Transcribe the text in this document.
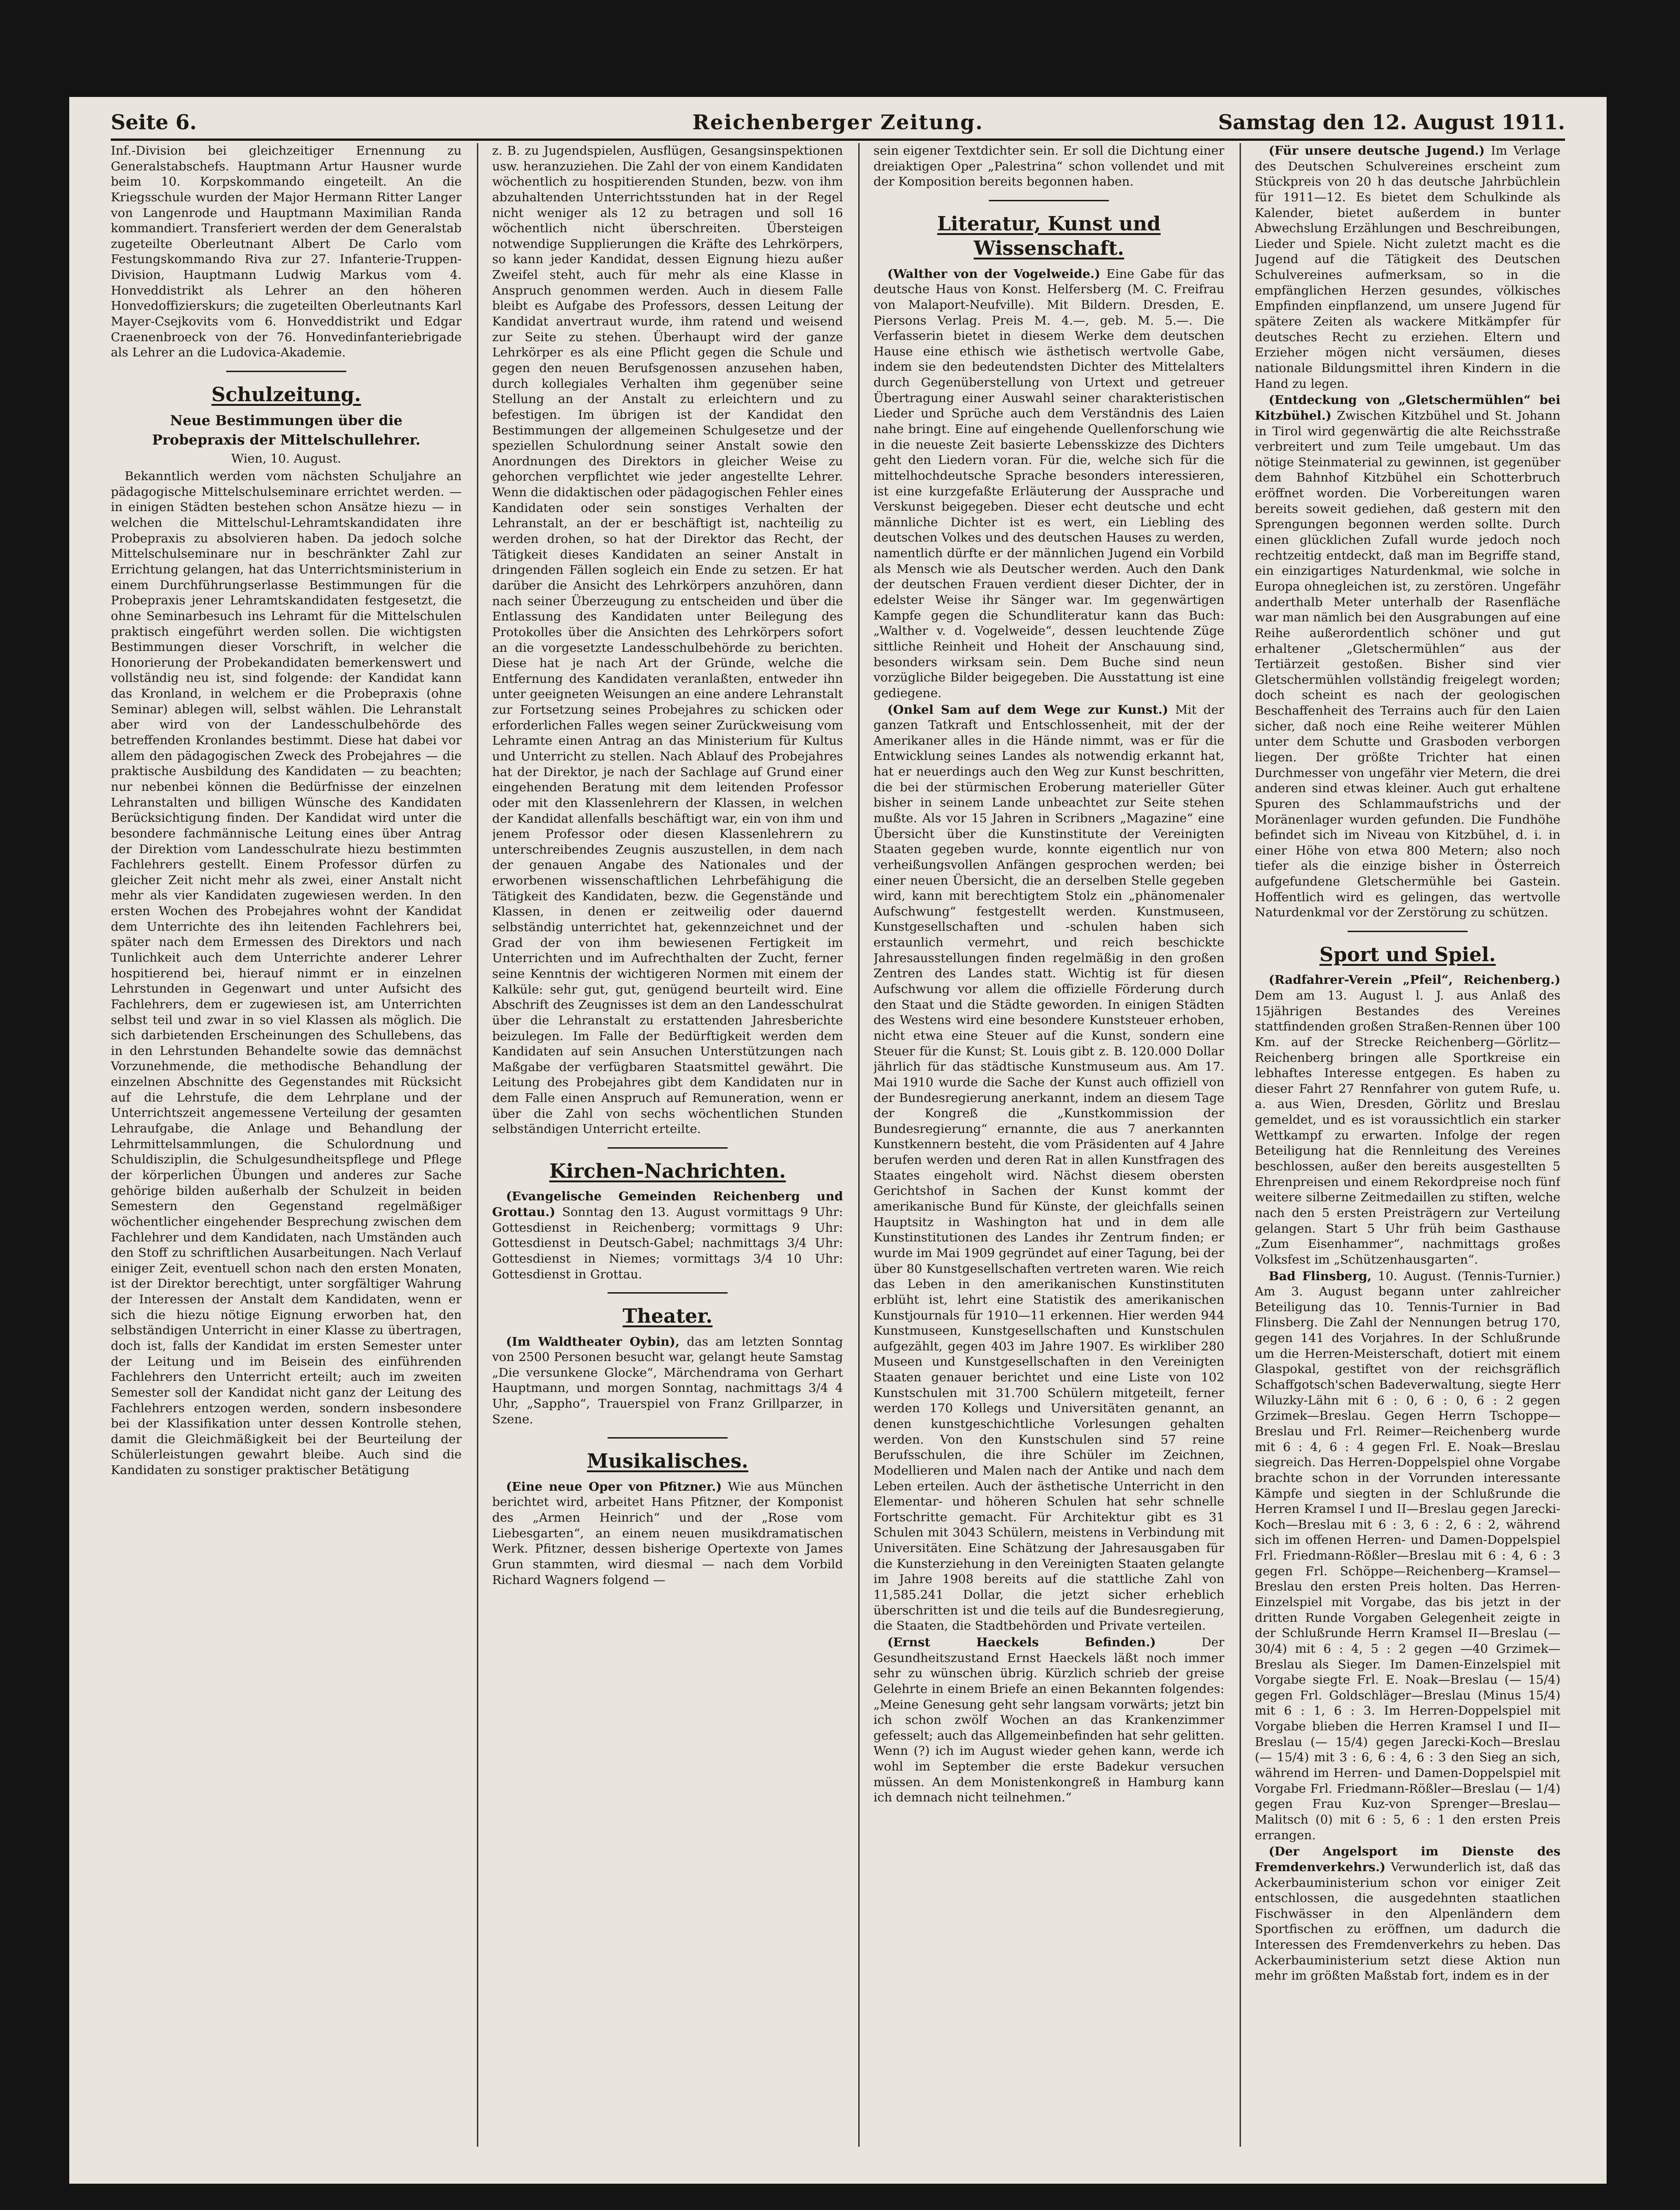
Seite 6.	Reichenberger Zeitung.	Samstag den 12. August 1911.

Inf.-Division bei gleichzeitiger Ernennung zu Generalstabschefs. Hauptmann Artur Hausner wurde beim 10. Korpskommando eingeteilt. An die Kriegsschule wurden der Major Hermann Ritter Langer von Langenrode und Hauptmann Maximilian Randa kommandiert. Transferiert werden der dem Generalstab zugeteilte Oberleutnant Albert De Carlo vom Festungskommando Riva zur 27. Infanterie-Truppen-Division, Hauptmann Ludwig Markus vom 4. Honveddistrikt als Lehrer an den höheren Honvedoffizierskurs; die zugeteilten Oberleutnants Karl Mayer-Csejkovits vom 6. Honveddistrikt und Edgar Craenenbroeck von der 76. Honvedinfanteriebrigade als Lehrer an die Ludovica-Akademie.

Schulzeitung.
Neue Bestimmungen über die
Probepraxis der Mittelschullehrer.
Wien, 10. August.

Bekanntlich werden vom nächsten Schuljahre an pädagogische Mittelschulseminare errichtet werden. — in einigen Städten bestehen schon Ansätze hiezu — in welchen die Mittelschul-Lehramtskandidaten ihre Probepraxis zu absolvieren haben. Da jedoch solche Mittelschulseminare nur in beschränkter Zahl zur Errichtung gelangen, hat das Unterrichtsministerium in einem Durchführungserlasse Bestimmungen für die Probepraxis jener Lehramtskandidaten festgesetzt, die ohne Seminarbesuch ins Lehramt für die Mittelschulen praktisch eingeführt werden sollen. Die wichtigsten Bestimmungen dieser Vorschrift, in welcher die Honorierung der Probekandidaten bemerkenswert und vollständig neu ist, sind folgende: der Kandidat kann das Kronland, in welchem er die Probepraxis (ohne Seminar) ablegen will, selbst wählen. Die Lehranstalt aber wird von der Landesschulbehörde des betreffenden Kronlandes bestimmt. Diese hat dabei vor allem den pädagogischen Zweck des Probejahres — die praktische Ausbildung des Kandidaten — zu beachten; nur nebenbei können die Bedürfnisse der einzelnen Lehranstalten und billigen Wünsche des Kandidaten Berücksichtigung finden. Der Kandidat wird unter die besondere fachmännische Leitung eines über Antrag der Direktion vom Landesschulrate hiezu bestimmten Fachlehrers gestellt. Einem Professor dürfen zu gleicher Zeit nicht mehr als zwei, einer Anstalt nicht mehr als vier Kandidaten zugewiesen werden. In den ersten Wochen des Probejahres wohnt der Kandidat dem Unterrichte des ihn leitenden Fachlehrers bei, später nach dem Ermessen des Direktors und nach Tunlichkeit auch dem Unterrichte anderer Lehrer hospitierend bei, hierauf nimmt er in einzelnen Lehrstunden in Gegenwart und unter Aufsicht des Fachlehrers, dem er zugewiesen ist, am Unterrichten selbst teil und zwar in so viel Klassen als möglich. Die sich darbietenden Erscheinungen des Schullebens, das in den Lehrstunden Behandelte sowie das demnächst Vorzunehmende, die methodische Behandlung der einzelnen Abschnitte des Gegenstandes mit Rücksicht auf die Lehrstufe, die dem Lehrplane und der Unterrichtszeit angemessene Verteilung der gesamten Lehraufgabe, die Anlage und Behandlung der Lehrmittelsammlungen, die Schulordnung und Schuldisziplin, die Schulgesundheitspflege und Pflege der körperlichen Übungen und anderes zur Sache gehörige bilden außerhalb der Schulzeit in beiden Semestern den Gegenstand regelmäßiger wöchentlicher eingehender Besprechung zwischen dem Fachlehrer und dem Kandidaten, nach Umständen auch den Stoff zu schriftlichen Ausarbeitungen. Nach Verlauf einiger Zeit, eventuell schon nach den ersten Monaten, ist der Direktor berechtigt, unter sorgfältiger Wahrung der Interessen der Anstalt dem Kandidaten, wenn er sich die hiezu nötige Eignung erworben hat, den selbständigen Unterricht in einer Klasse zu übertragen, doch ist, falls der Kandidat im ersten Semester unter der Leitung und im Beisein des einführenden Fachlehrers den Unterricht erteilt; auch im zweiten Semester soll der Kandidat nicht ganz der Leitung des Fachlehrers entzogen werden, sondern insbesondere bei der Klassifikation unter dessen Kontrolle stehen, damit die Gleichmäßigkeit bei der Beurteilung der Schülerleistungen gewahrt bleibe. Auch sind die Kandidaten zu sonstiger praktischer Betätigung

z. B. zu Jugendspielen, Ausflügen, Gesangsinspektionen usw. heranzuziehen. Die Zahl der von einem Kandidaten wöchentlich zu hospitierenden Stunden, bezw. von ihm abzuhaltenden Unterrichtsstunden hat in der Regel nicht weniger als 12 zu betragen und soll 16 wöchentlich nicht überschreiten. Übersteigen notwendige Supplierungen die Kräfte des Lehrkörpers, so kann jeder Kandidat, dessen Eignung hiezu außer Zweifel steht, auch für mehr als eine Klasse in Anspruch genommen werden. Auch in diesem Falle bleibt es Aufgabe des Professors, dessen Leitung der Kandidat anvertraut wurde, ihm ratend und weisend zur Seite zu stehen. Überhaupt wird der ganze Lehrkörper es als eine Pflicht gegen die Schule und gegen den neuen Berufsgenossen anzusehen haben, durch kollegiales Verhalten ihm gegenüber seine Stellung an der Anstalt zu erleichtern und zu befestigen. Im übrigen ist der Kandidat den Bestimmungen der allgemeinen Schulgesetze und der speziellen Schulordnung seiner Anstalt sowie den Anordnungen des Direktors in gleicher Weise zu gehorchen verpflichtet wie jeder angestellte Lehrer. Wenn die didaktischen oder pädagogischen Fehler eines Kandidaten oder sein sonstiges Verhalten der Lehranstalt, an der er beschäftigt ist, nachteilig zu werden drohen, so hat der Direktor das Recht, der Tätigkeit dieses Kandidaten an seiner Anstalt in dringenden Fällen sogleich ein Ende zu setzen. Er hat darüber die Ansicht des Lehrkörpers anzuhören, dann nach seiner Überzeugung zu entscheiden und über die Entlassung des Kandidaten unter Beilegung des Protokolles über die Ansichten des Lehrkörpers sofort an die vorgesetzte Landesschulbehörde zu berichten. Diese hat je nach Art der Gründe, welche die Entfernung des Kandidaten veranlaßten, entweder ihn unter geeigneten Weisungen an eine andere Lehranstalt zur Fortsetzung seines Probejahres zu schicken oder erforderlichen Falles wegen seiner Zurückweisung vom Lehramte einen Antrag an das Ministerium für Kultus und Unterricht zu stellen. Nach Ablauf des Probejahres hat der Direktor, je nach der Sachlage auf Grund einer eingehenden Beratung mit dem leitenden Professor oder mit den Klassenlehrern der Klassen, in welchen der Kandidat allenfalls beschäftigt war, ein von ihm und jenem Professor oder diesen Klassenlehrern zu unterschreibendes Zeugnis auszustellen, in dem nach der genauen Angabe des Nationales und der erworbenen wissenschaftlichen Lehrbefähigung die Tätigkeit des Kandidaten, bezw. die Gegenstände und Klassen, in denen er zeitweilig oder dauernd selbständig unterrichtet hat, gekennzeichnet und der Grad der von ihm bewiesenen Fertigkeit im Unterrichten und im Aufrechthalten der Zucht, ferner seine Kenntnis der wichtigeren Normen mit einem der Kalküle: sehr gut, gut, genügend beurteilt wird. Eine Abschrift des Zeugnisses ist dem an den Landesschulrat über die Lehranstalt zu erstattenden Jahresberichte beizulegen. Im Falle der Bedürftigkeit werden dem Kandidaten auf sein Ansuchen Unterstützungen nach Maßgabe der verfügbaren Staatsmittel gewährt. Die Leitung des Probejahres gibt dem Kandidaten nur in dem Falle einen Anspruch auf Remuneration, wenn er über die Zahl von sechs wöchentlichen Stunden selbständigen Unterricht erteilte.

Kirchen-Nachrichten.

(Evangelische Gemeinden Reichenberg und Grottau.) Sonntag den 13. August vormittags 9 Uhr: Gottesdienst in Reichenberg; vormittags 9 Uhr: Gottesdienst in Deutsch-Gabel; nachmittags 3/4 Uhr: Gottesdienst in Niemes; vormittags 3/4 10 Uhr: Gottesdienst in Grottau.

Theater.

(Im Waldtheater Oybin), das am letzten Sonntag von 2500 Personen besucht war, gelangt heute Samstag „Die versunkene Glocke“, Märchendrama von Gerhart Hauptmann, und morgen Sonntag, nachmittags 3/4 4 Uhr, „Sappho“, Trauerspiel von Franz Grillparzer, in Szene.

Musikalisches.

(Eine neue Oper von Pfitzner.) Wie aus München berichtet wird, arbeitet Hans Pfitzner, der Komponist des „Armen Heinrich“ und der „Rose vom Liebesgarten“, an einem neuen musikdramatischen Werk. Pfitzner, dessen bisherige Opertexte von James Grun stammten, wird diesmal — nach dem Vorbild Richard Wagners folgend —

sein eigener Textdichter sein. Er soll die Dichtung einer dreiaktigen Oper „Palestrina“ schon vollendet und mit der Komposition bereits begonnen haben.

Literatur, Kunst und Wissenschaft.

(Walther von der Vogelweide.) Eine Gabe für das deutsche Haus von Konst. Helfersberg (M. C. Freifrau von Malaport-Neufville). Mit Bildern. Dresden, E. Piersons Verlag. Preis M. 4.—, geb. M. 5.—. Die Verfasserin bietet in diesem Werke dem deutschen Hause eine ethisch wie ästhetisch wertvolle Gabe, indem sie den bedeutendsten Dichter des Mittelalters durch Gegenüberstellung von Urtext und getreuer Übertragung einer Auswahl seiner charakteristischen Lieder und Sprüche auch dem Verständnis des Laien nahe bringt. Eine auf eingehende Quellenforschung wie in die neueste Zeit basierte Lebensskizze des Dichters geht den Liedern voran. Für die, welche sich für die mittelhochdeutsche Sprache besonders interessieren, ist eine kurzgefaßte Erläuterung der Aussprache und Verskunst beigegeben. Dieser echt deutsche und echt männliche Dichter ist es wert, ein Liebling des deutschen Volkes und des deutschen Hauses zu werden, namentlich dürfte er der männlichen Jugend ein Vorbild als Mensch wie als Deutscher werden. Auch den Dank der deutschen Frauen verdient dieser Dichter, der in edelster Weise ihr Sänger war. Im gegenwärtigen Kampfe gegen die Schundliteratur kann das Buch: „Walther v. d. Vogelweide“, dessen leuchtende Züge sittliche Reinheit und Hoheit der Anschauung sind, besonders wirksam sein. Dem Buche sind neun vorzügliche Bilder beigegeben. Die Ausstattung ist eine gediegene.

(Onkel Sam auf dem Wege zur Kunst.) Mit der ganzen Tatkraft und Entschlossenheit, mit der der Amerikaner alles in die Hände nimmt, was er für die Entwicklung seines Landes als notwendig erkannt hat, hat er neuerdings auch den Weg zur Kunst beschritten, die bei der stürmischen Eroberung materieller Güter bisher in seinem Lande unbeachtet zur Seite stehen mußte. Als vor 15 Jahren in Scribners „Magazine“ eine Übersicht über die Kunstinstitute der Vereinigten Staaten gegeben wurde, konnte eigentlich nur von verheißungsvollen Anfängen gesprochen werden; bei einer neuen Übersicht, die an derselben Stelle gegeben wird, kann mit berechtigtem Stolz ein „phänomenaler Aufschwung“ festgestellt werden. Kunstmuseen, Kunstgesellschaften und -schulen haben sich erstaunlich vermehrt, und reich beschickte Jahresausstellungen finden regelmäßig in den großen Zentren des Landes statt. Wichtig ist für diesen Aufschwung vor allem die offizielle Förderung durch den Staat und die Städte geworden. In einigen Städten des Westens wird eine besondere Kunststeuer erhoben, nicht etwa eine Steuer auf die Kunst, sondern eine Steuer für die Kunst; St. Louis gibt z. B. 120.000 Dollar jährlich für das städtische Kunstmuseum aus. Am 17. Mai 1910 wurde die Sache der Kunst auch offiziell von der Bundesregierung anerkannt, indem an diesem Tage der Kongreß die „Kunstkommission der Bundesregierung“ ernannte, die aus 7 anerkannten Kunstkennern besteht, die vom Präsidenten auf 4 Jahre berufen werden und deren Rat in allen Kunstfragen des Staates eingeholt wird. Nächst diesem obersten Gerichtshof in Sachen der Kunst kommt der amerikanische Bund für Künste, der gleichfalls seinen Hauptsitz in Washington hat und in dem alle Kunstinstitutionen des Landes ihr Zentrum finden; er wurde im Mai 1909 gegründet auf einer Tagung, bei der über 80 Kunstgesellschaften vertreten waren. Wie reich das Leben in den amerikanischen Kunstinstituten erblüht ist, lehrt eine Statistik des amerikanischen Kunstjournals für 1910—11 erkennen. Hier werden 944 Kunstmuseen, Kunstgesellschaften und Kunstschulen aufgezählt, gegen 403 im Jahre 1907. Es wirkliber 280 Museen und Kunstgesellschaften in den Vereinigten Staaten genauer berichtet und eine Liste von 102 Kunstschulen mit 31.700 Schülern mitgeteilt, ferner werden 170 Kollegs und Universitäten genannt, an denen kunstgeschichtliche Vorlesungen gehalten werden. Von den Kunstschulen sind 57 reine Berufsschulen, die ihre Schüler im Zeichnen, Modellieren und Malen nach der Antike und nach dem Leben erteilen. Auch der ästhetische Unterricht in den Elementar- und höheren Schulen hat sehr schnelle Fortschritte gemacht. Für Architektur gibt es 31 Schulen mit 3043 Schülern, meistens in Verbindung mit Universitäten. Eine Schätzung der Jahresausgaben für die Kunsterziehung in den Vereinigten Staaten gelangte im Jahre 1908 bereits auf die stattliche Zahl von 11,585.241 Dollar, die jetzt sicher erheblich überschritten ist und die teils auf die Bundesregierung, die Staaten, die Stadtbehörden und Private verteilen.

(Ernst Haeckels Befinden.)	Der Gesundheitszustand Ernst Haeckels läßt noch immer sehr zu wünschen übrig. Kürzlich schrieb der greise Gelehrte in einem Briefe an einen Bekannten folgendes: „Meine Genesung geht sehr langsam vorwärts; jetzt bin ich schon zwölf Wochen an das Krankenzimmer gefesselt; auch das Allgemeinbefinden hat sehr gelitten. Wenn (?) ich im August wieder gehen kann, werde ich wohl im September die erste Badekur versuchen müssen. An dem Monistenkongreß in Hamburg kann ich demnach nicht teilnehmen.“

(Für unsere deutsche Jugend.) Im Verlage des Deutschen Schulvereines erscheint zum Stückpreis von 20 h das deutsche Jahrbüchlein für 1911—12. Es bietet dem Schulkinde als Kalender, bietet außerdem in bunter Abwechslung Erzählungen und Beschreibungen, Lieder und Spiele. Nicht zuletzt macht es die Jugend auf die Tätigkeit des Deutschen Schulvereines aufmerksam, so in die empfänglichen Herzen gesundes, völkisches Empfinden einpflanzend, um unsere Jugend für spätere Zeiten als wackere Mitkämpfer für deutsches Recht zu erziehen. Eltern und Erzieher mögen nicht versäumen, dieses nationale Bildungsmittel ihren Kindern in die Hand zu legen.

(Entdeckung von „Gletschermühlen“ bei Kitzbühel.) Zwischen Kitzbühel und St. Johann in Tirol wird gegenwärtig die alte Reichsstraße verbreitert und zum Teile umgebaut. Um das nötige Steinmaterial zu gewinnen, ist gegenüber dem Bahnhof Kitzbühel ein Schotterbruch eröffnet worden. Die Vorbereitungen waren bereits soweit gediehen, daß gestern mit den Sprengungen begonnen werden sollte. Durch einen glücklichen Zufall wurde jedoch noch rechtzeitig entdeckt, daß man im Begriffe stand, ein einzigartiges Naturdenkmal, wie solche in Europa ohnegleichen ist, zu zerstören. Ungefähr anderthalb Meter unterhalb der Rasenfläche war man nämlich bei den Ausgrabungen auf eine Reihe außerordentlich schöner und gut erhaltener „Gletschermühlen“ aus der Tertiärzeit gestoßen. Bisher sind vier Gletschermühlen vollständig freigelegt worden; doch scheint es nach der geologischen Beschaffenheit des Terrains auch für den Laien sicher, daß noch eine Reihe weiterer Mühlen unter dem Schutte und Grasboden verborgen liegen. Der größte Trichter hat einen Durchmesser von ungefähr vier Metern, die drei anderen sind etwas kleiner. Auch gut erhaltene Spuren des Schlammaufstrichs und der Moränenlager wurden gefunden. Die Fundhöhe befindet sich im Niveau von Kitzbühel, d. i. in einer Höhe von etwa 800 Metern; also noch tiefer als die einzige bisher in Österreich aufgefundene Gletschermühle bei Gastein. Hoffentlich wird es gelingen, das wertvolle Naturdenkmal vor der Zerstörung zu schützen.

Sport und Spiel.

(Radfahrer-Verein „Pfeil“, Reichenberg.) Dem am 13. August l. J. aus Anlaß des 15jährigen Bestandes des Vereines stattfindenden großen Straßen-Rennen über 100 Km. auf der Strecke Reichenberg—Görlitz—Reichenberg bringen alle Sportkreise ein lebhaftes Interesse entgegen. Es haben zu dieser Fahrt 27 Rennfahrer von gutem Rufe, u. a. aus Wien, Dresden, Görlitz und Breslau gemeldet, und es ist voraussichtlich ein starker Wettkampf zu erwarten. Infolge der regen Beteiligung hat die Rennleitung des Vereines beschlossen, außer den bereits ausgestellten 5 Ehrenpreisen und einem Rekordpreise noch fünf weitere silberne Zeitmedaillen zu stiften, welche nach den 5 ersten Preisträgern zur Verteilung gelangen. Start 5 Uhr früh beim Gasthause „Zum Eisenhammer“, nachmittags großes Volksfest im „Schützenhausgarten“.

Bad Flinsberg, 10. August. (Tennis-Turnier.) Am 3. August begann unter zahlreicher Beteiligung das 10. Tennis-Turnier in Bad Flinsberg. Die Zahl der Nennungen betrug 170, gegen 141 des Vorjahres. In der Schlußrunde um die Herren-Meisterschaft, dotiert mit einem Glaspokal, gestiftet von der reichsgräflich Schaffgotsch'schen Badeverwaltung, siegte Herr Wiluzky-Lähn mit 6 : 0, 6 : 0, 6 : 2 gegen Grzimek—Breslau. Gegen Herrn Tschoppe—Breslau und Frl. Reimer—Reichenberg wurde mit 6 : 4, 6 : 4 gegen Frl. E. Noak—Breslau siegreich. Das Herren-Doppelspiel ohne Vorgabe brachte schon in der Vorrunden interessante Kämpfe und siegten in der Schlußrunde die Herren Kramsel I und II—Breslau gegen Jarecki-Koch—Breslau mit 6 : 3, 6 : 2, 6 : 2, während sich im offenen Herren- und Damen-Doppelspiel Frl. Friedmann-Rößler—Breslau mit 6 : 4, 6 : 3 gegen Frl. Schöppe—Reichenberg—Kramsel—Breslau den ersten Preis holten. Das Herren-Einzelspiel mit Vorgabe, das bis jetzt in der dritten Runde Vorgaben Gelegenheit zeigte in der Schlußrunde Herrn Kramsel II—Breslau (— 30/4) mit 6 : 4, 5 : 2 gegen —40 Grzimek—Breslau als Sieger. Im Damen-Einzelspiel mit Vorgabe siegte Frl. E. Noak—Breslau (— 15/4) gegen Frl. Goldschläger—Breslau (Minus 15/4) mit 6 : 1, 6 : 3. Im Herren-Doppelspiel mit Vorgabe blieben die Herren Kramsel I und II—Breslau (— 15/4) gegen Jarecki-Koch—Breslau (— 15/4) mit 3 : 6, 6 : 4, 6 : 3 den Sieg an sich, während im Herren- und Damen-Doppelspiel mit Vorgabe Frl. Friedmann-Rößler—Breslau (— 1/4) gegen Frau Kuz-von Sprenger—Breslau—Malitsch (0) mit 6 : 5, 6 : 1 den ersten Preis errangen.

(Der Angelsport im Dienste des Fremdenverkehrs.) Verwunderlich ist, daß das Ackerbauministerium schon vor einiger Zeit entschlossen, die ausgedehnten staatlichen Fischwässer in den Alpenländern dem Sportfischen zu eröffnen, um dadurch die Interessen des Fremdenverkehrs zu heben. Das Ackerbauministerium setzt diese Aktion nun mehr im größten Maßstab fort, indem es in der
